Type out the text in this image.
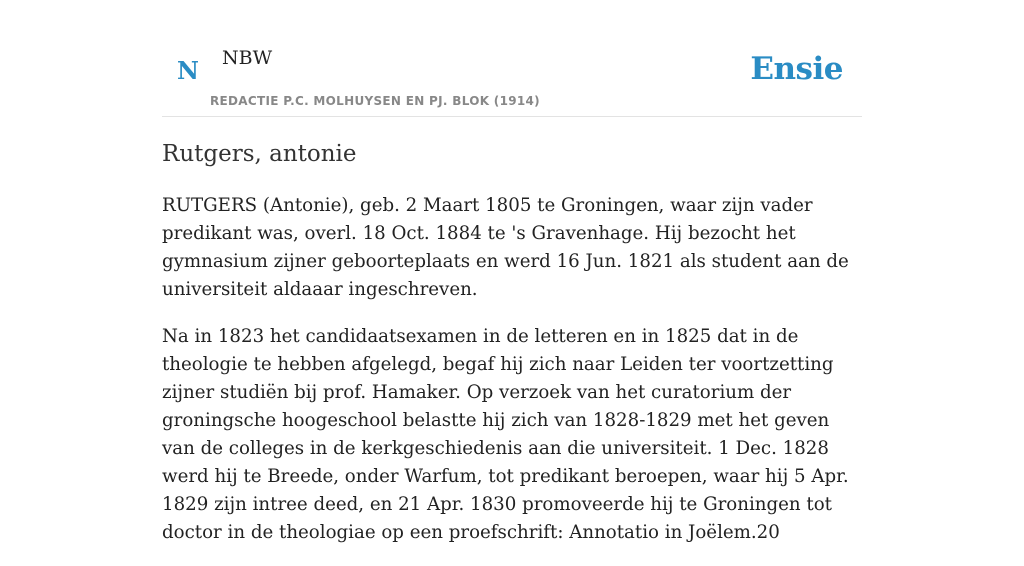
N NBW
REDACTIE P.C. MOLHUYSEN EN PJ. BLOK (1914)
Ensie
Rutgers, antonie

RUTGERS (Antonie), geb. 2 Maart 1805 te Groningen, waar zijn vader predikant was, overl. 18 Oct. 1884 te 's Gravenhage. Hij bezocht het gymnasium zijner geboorteplaats en werd 16 Jun. 1821 als student aan de universiteit aldaaar ingeschreven.

Na in 1823 het candidaatsexamen in de letteren en in 1825 dat in de theologie te hebben afgelegd, begaf hij zich naar Leiden ter voortzetting zijner studiën bij prof. Hamaker. Op verzoek van het curatorium der groningsche hoogeschool belastte hij zich van 1828-1829 met het geven van de colleges in de kerkgeschiedenis aan die universiteit. 1 Dec. 1828 werd hij te Breede, onder Warfum, tot predikant beroepen, waar hij 5 Apr. 1829 zijn intree deed, en 21 Apr. 1830 promoveerde hij te Groningen tot doctor in de theologiae op een proefschrift: Annotatio in Joëlem.20
